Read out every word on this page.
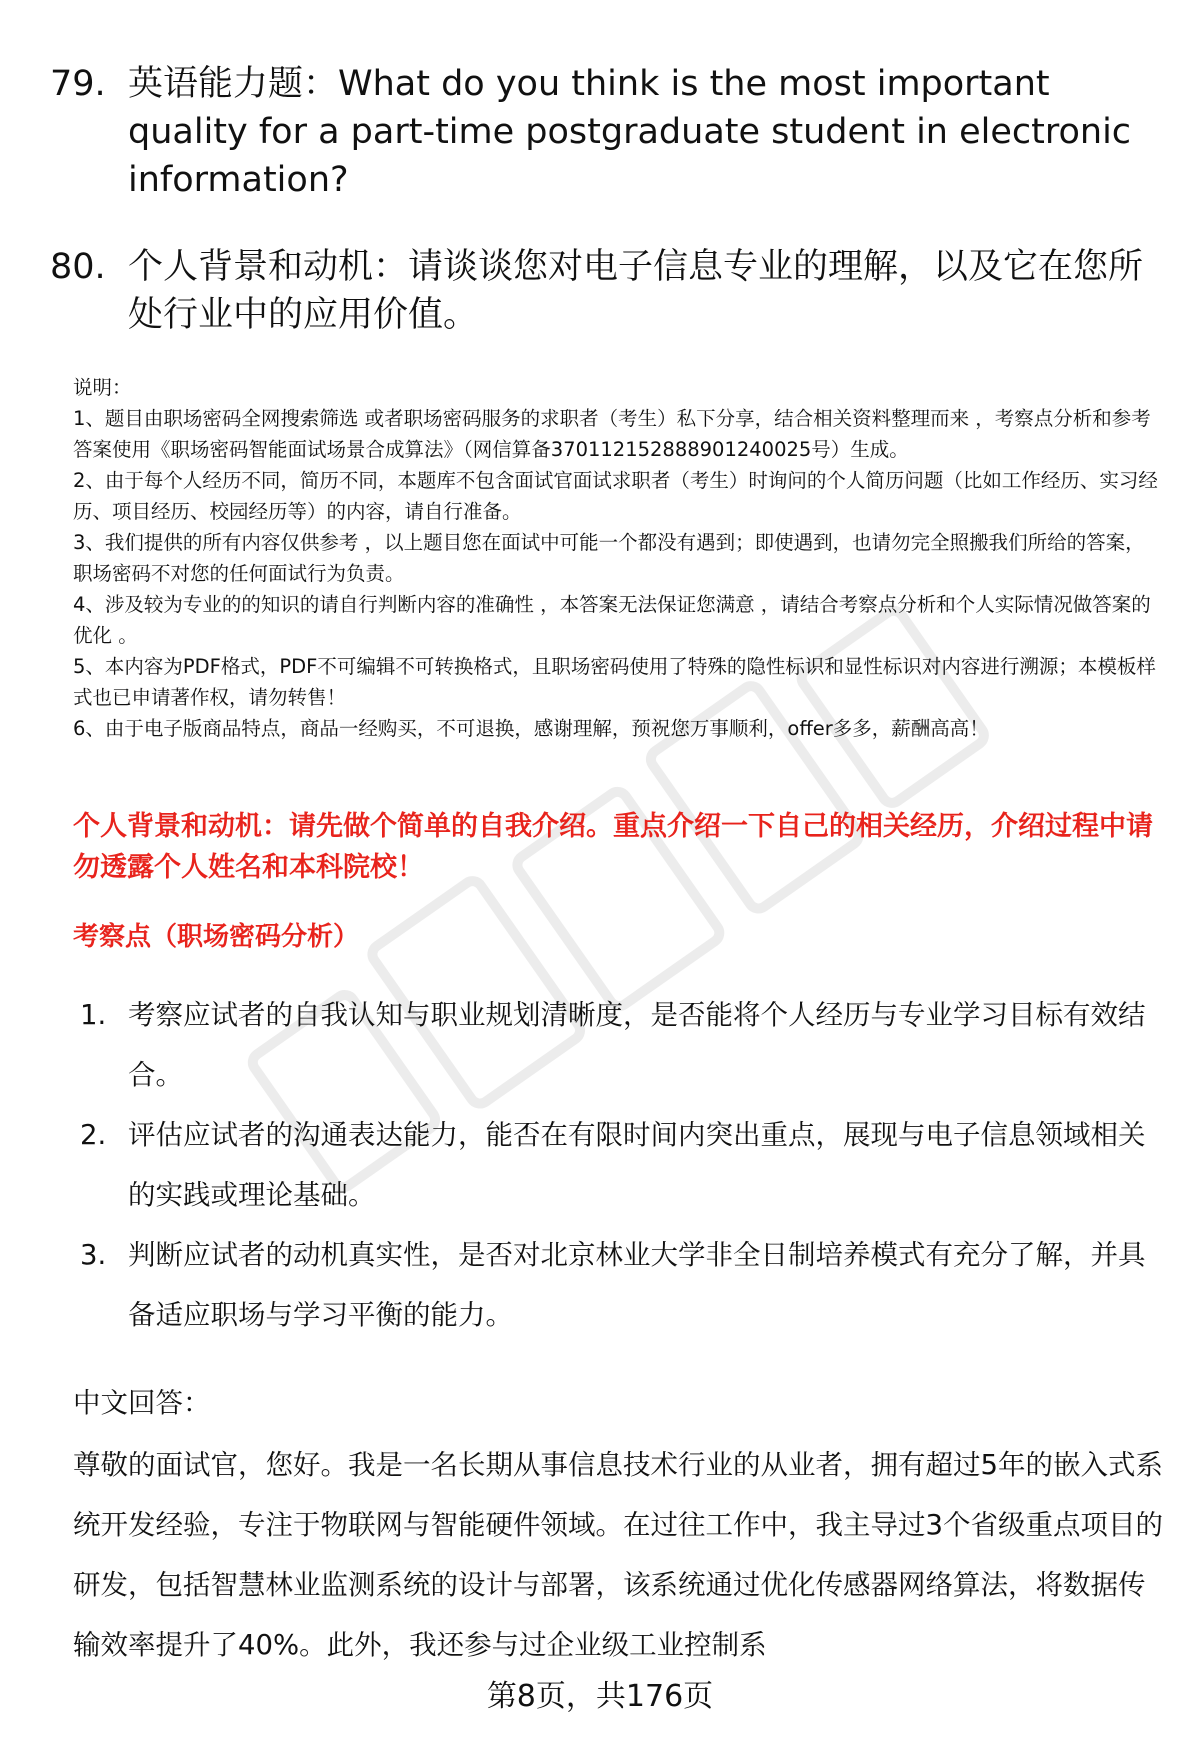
79. 英语能力题：What do you think is the most important quality for a part-time postgraduate student in electronic information?
80. 个人背景和动机：请谈谈您对电子信息专业的理解，以及它在您所处行业中的应用价值。

说明：

1、题目由职场密码全网搜索筛选 或者职场密码服务的求职者（考生）私下分享，结合相关资料整理而来 ，考察点分析和参考答案使用《职场密码智能面试场景合成算法》（网信算备370112152888901240025号）生成。

2、由于每个人经历不同，简历不同，本题库不包含面试官面试求职者（考生）时询问的个人简历问题（比如工作经历、实习经历、项目经历、校园经历等）的内容，请自行准备。

3、我们提供的所有内容仅供参考 ，以上题目您在面试中可能一个都没有遇到；即使遇到，也请勿完全照搬我们所给的答案，职场密码不对您的任何面试行为负责。

4、涉及较为专业的的知识的请自行判断内容的准确性 ，本答案无法保证您满意 ，请结合考察点分析和个人实际情况做答案的优化 。

5、本内容为PDF格式，PDF不可编辑不可转换格式，且职场密码使用了特殊的隐性标识和显性标识对内容进行溯源；本模板样式也已申请著作权，请勿转售！

6、由于电子版商品特点，商品一经购买，不可退换，感谢理解，预祝您万事顺利，offer多多，薪酬高高！

个人背景和动机：请先做个简单的自我介绍。重点介绍一下自己的相关经历，介绍过程中请勿透露个人姓名和本科院校！
考察点（职场密码分析）
1. 考察应试者的自我认知与职业规划清晰度，是否能将个人经历与专业学习目标有效结合。
2. 评估应试者的沟通表达能力，能否在有限时间内突出重点，展现与电子信息领域相关的实践或理论基础。
3. 判断应试者的动机真实性，是否对北京林业大学非全日制培养模式有充分了解，并具备适应职场与学习平衡的能力。
中文回答：

尊敬的面试官，您好。我是一名长期从事信息技术行业的从业者，拥有超过5年的嵌入式系统开发经验，专注于物联网与智能硬件领域。在过往工作中，我主导过3个省级重点项目的研发，包括智慧林业监测系统的设计与部署，该系统通过优化传感器网络算法，将数据传输效率提升了40%。此外，我还参与过企业级工业控制系

第8页，共176页
